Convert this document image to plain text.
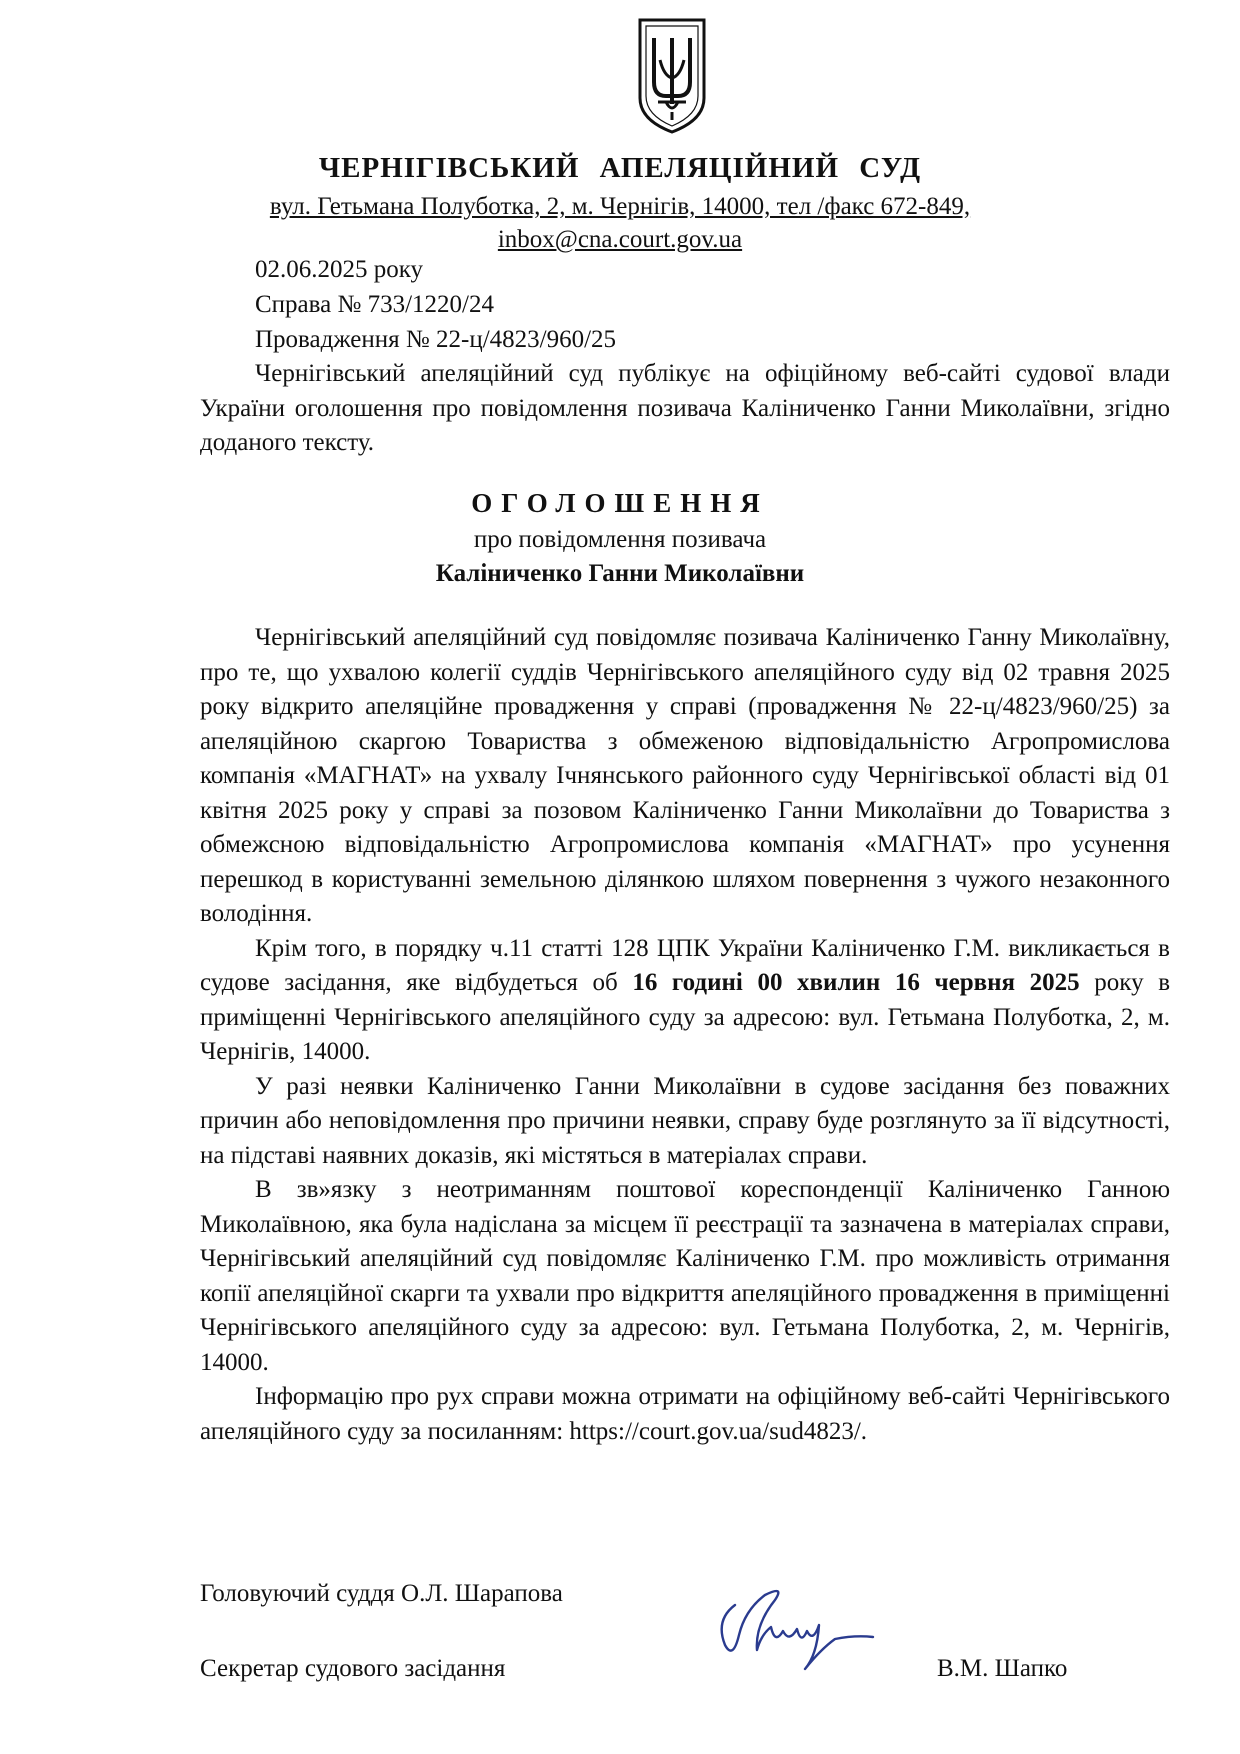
ЧЕРНІГІВСЬКИЙ АПЕЛЯЦІЙНИЙ СУД
вул. Гетьмана Полуботка, 2, м. Чернігів, 14000, тел /факс 672-849,
inbox@cna.court.gov.ua
02.06.2025 року
Справа № 733/1220/24
Провадження № 22-ц/4823/960/25

Чернігівський апеляційний суд публікує на офіційному веб-сайті судової влади України оголошення про повідомлення позивача Каліниченко Ганни Миколаївни, згідно доданого тексту.

ОГОЛОШЕННЯ
про повідомлення позивача
Каліниченко Ганни Миколаївни

Чернігівський апеляційний суд повідомляє позивача Каліниченко Ганну Миколаївну, про те, що ухвалою колегії суддів Чернігівського апеляційного суду від 02 травня 2025 року відкрито апеляційне провадження у справі (провадження № 22-ц/4823/960/25) за апеляційною скаргою Товариства з обмеженою відповідальністю Агропромислова компанія «МАГНАТ» на ухвалу Ічнянського районного суду Чернігівської області від 01 квітня 2025 року у справі за позовом Каліниченко Ганни Миколаївни до Товариства з обмежсною відповідальністю Агропромислова компанія «МАГНАТ» про усунення перешкод в користуванні земельною ділянкою шляхом повернення з чужого незаконного володіння.

Крім того, в порядку ч.11 статті 128 ЦПК України Каліниченко Г.М. викликається в судове засідання, яке відбудеться об 16 годині 00 хвилин 16 червня 2025 року в приміщенні Чернігівського апеляційного суду за адресою: вул. Гетьмана Полуботка, 2, м. Чернігів, 14000.

У разі неявки Каліниченко Ганни Миколаївни в судове засідання без поважних причин або неповідомлення про причини неявки, справу буде розглянуто за її відсутності, на підставі наявних доказів, які містяться в матеріалах справи.

В зв»язку з неотриманням поштової кореспонденції Каліниченко Ганною Миколаївною, яка була надіслана за місцем її реєстрації та зазначена в матеріалах справи, Чернігівський апеляційний суд повідомляє Каліниченко Г.М. про можливість отримання копії апеляційної скарги та ухвали про відкриття апеляційного провадження в приміщенні Чернігівського апеляційного суду за адресою: вул. Гетьмана Полуботка, 2, м. Чернігів, 14000.

Інформацію про рух справи можна отримати на офіційному веб-сайті Чернігівського апеляційного суду за посиланням: https://court.gov.ua/sud4823/.

Головуючий суддя О.Л. Шарапова
Секретар судового засідання	В.М. Шапко
